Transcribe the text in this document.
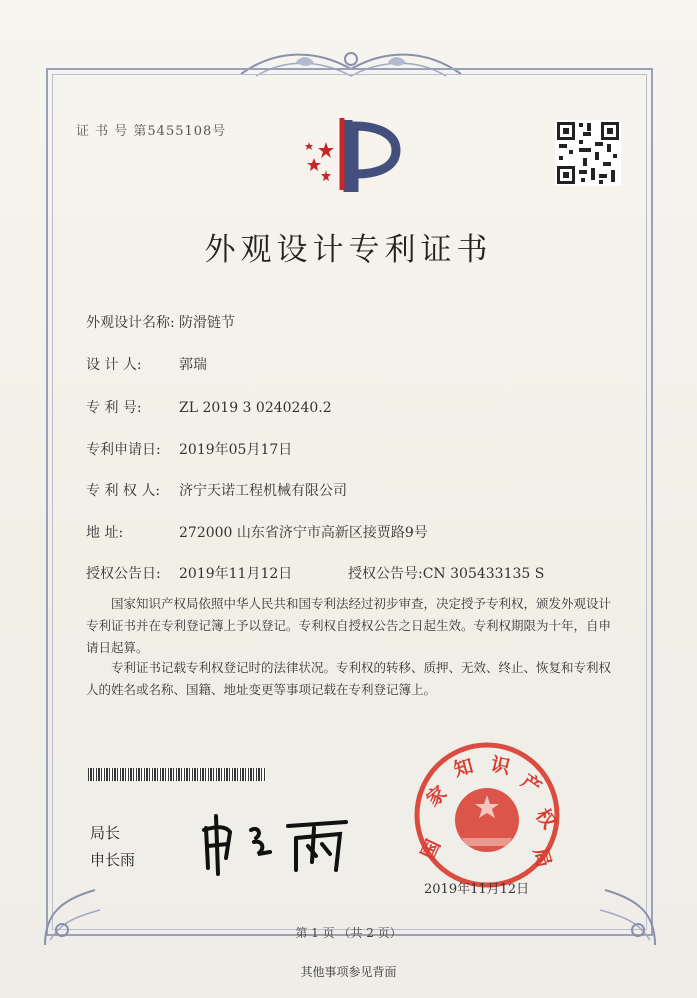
证 书 号 第5455108号
外观设计专利证书
外观设计名称: 防滑链节
设 计 人:	郭瑞
专 利 号:	ZL 2019 3 0240240.2
专利申请日: 2019年05月17日
专 利 权 人: 济宁天诺工程机械有限公司
地 址:	272000 山东省济宁市高新区接贾路9号
授权公告日: 2019年11月12日	授权公告号:CN 305433135 S
国家知识产权局依照中华人民共和国专利法经过初步审查，决定授予专利权，颁发外观设计专利证书并在专利登记簿上予以登记。专利权自授权公告之日起生效。专利权期限为十年，自申请日起算。
专利证书记载专利权登记时的法律状况。专利权的转移、质押、无效、终止、恢复和专利权人的姓名或名称、国籍、地址变更等事项记载在专利登记簿上。
局长
申长雨	国
家
知 识
产
权
局
2019年11月12日
第 1 页 （共 2 页）
其他事项参见背面
